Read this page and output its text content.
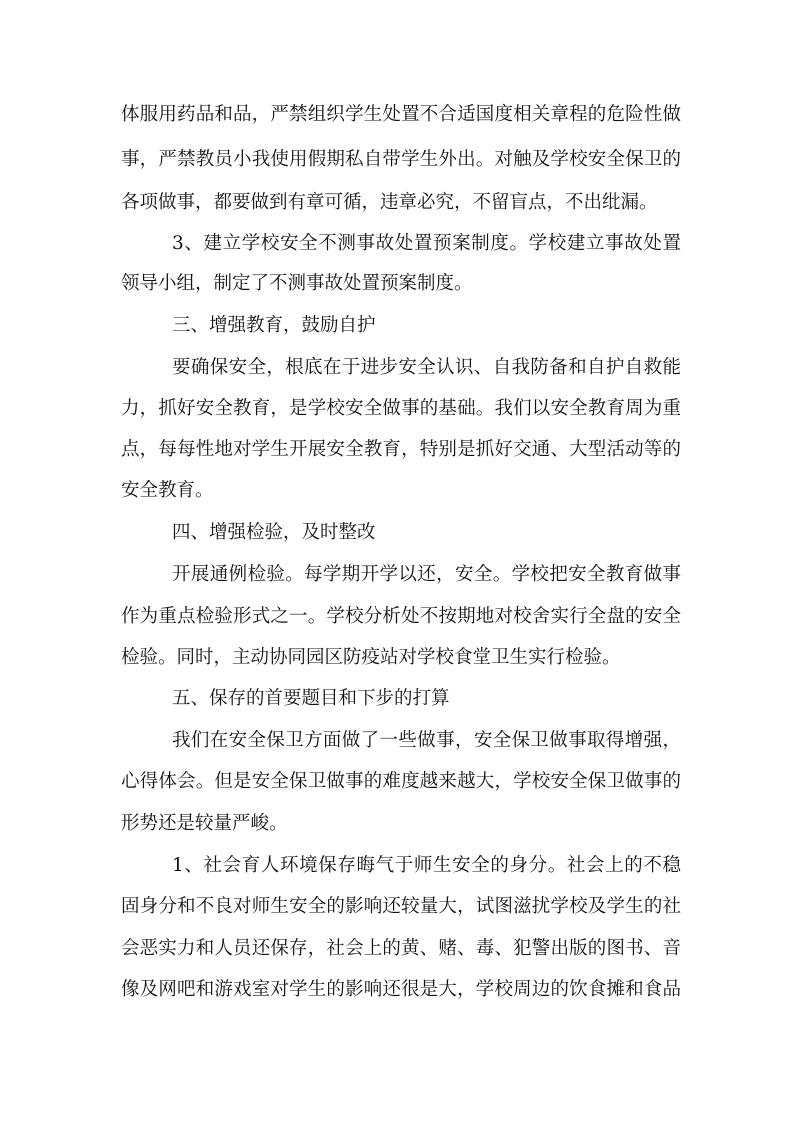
体服用药品和品，严禁组织学生处置不合适国度相关章程的危险性做
事，严禁教员小我使用假期私自带学生外出。对触及学校安全保卫的
各项做事，都要做到有章可循，违章必究，不留盲点，不出纰漏。
3、建立学校安全不测事故处置预案制度。学校建立事故处置
领导小组，制定了不测事故处置预案制度。
三、增强教育，鼓励自护
要确保安全，根底在于进步安全认识、自我防备和自护自救能
力，抓好安全教育，是学校安全做事的基础。我们以安全教育周为重
点，每每性地对学生开展安全教育，特别是抓好交通、大型活动等的
安全教育。
四、增强检验，及时整改
开展通例检验。每学期开学以还，安全。学校把安全教育做事
作为重点检验形式之一。学校分析处不按期地对校舍实行全盘的安全
检验。同时，主动协同园区防疫站对学校食堂卫生实行检验。
五、保存的首要题目和下步的打算
我们在安全保卫方面做了一些做事，安全保卫做事取得增强，
心得体会。但是安全保卫做事的难度越来越大，学校安全保卫做事的
形势还是较量严峻。
1、社会育人环境保存晦气于师生安全的身分。社会上的不稳
固身分和不良对师生安全的影响还较量大，试图滋扰学校及学生的社
会恶实力和人员还保存，社会上的黄、赌、毒、犯警出版的图书、音
像及网吧和游戏室对学生的影响还很是大，学校周边的饮食摊和食品
